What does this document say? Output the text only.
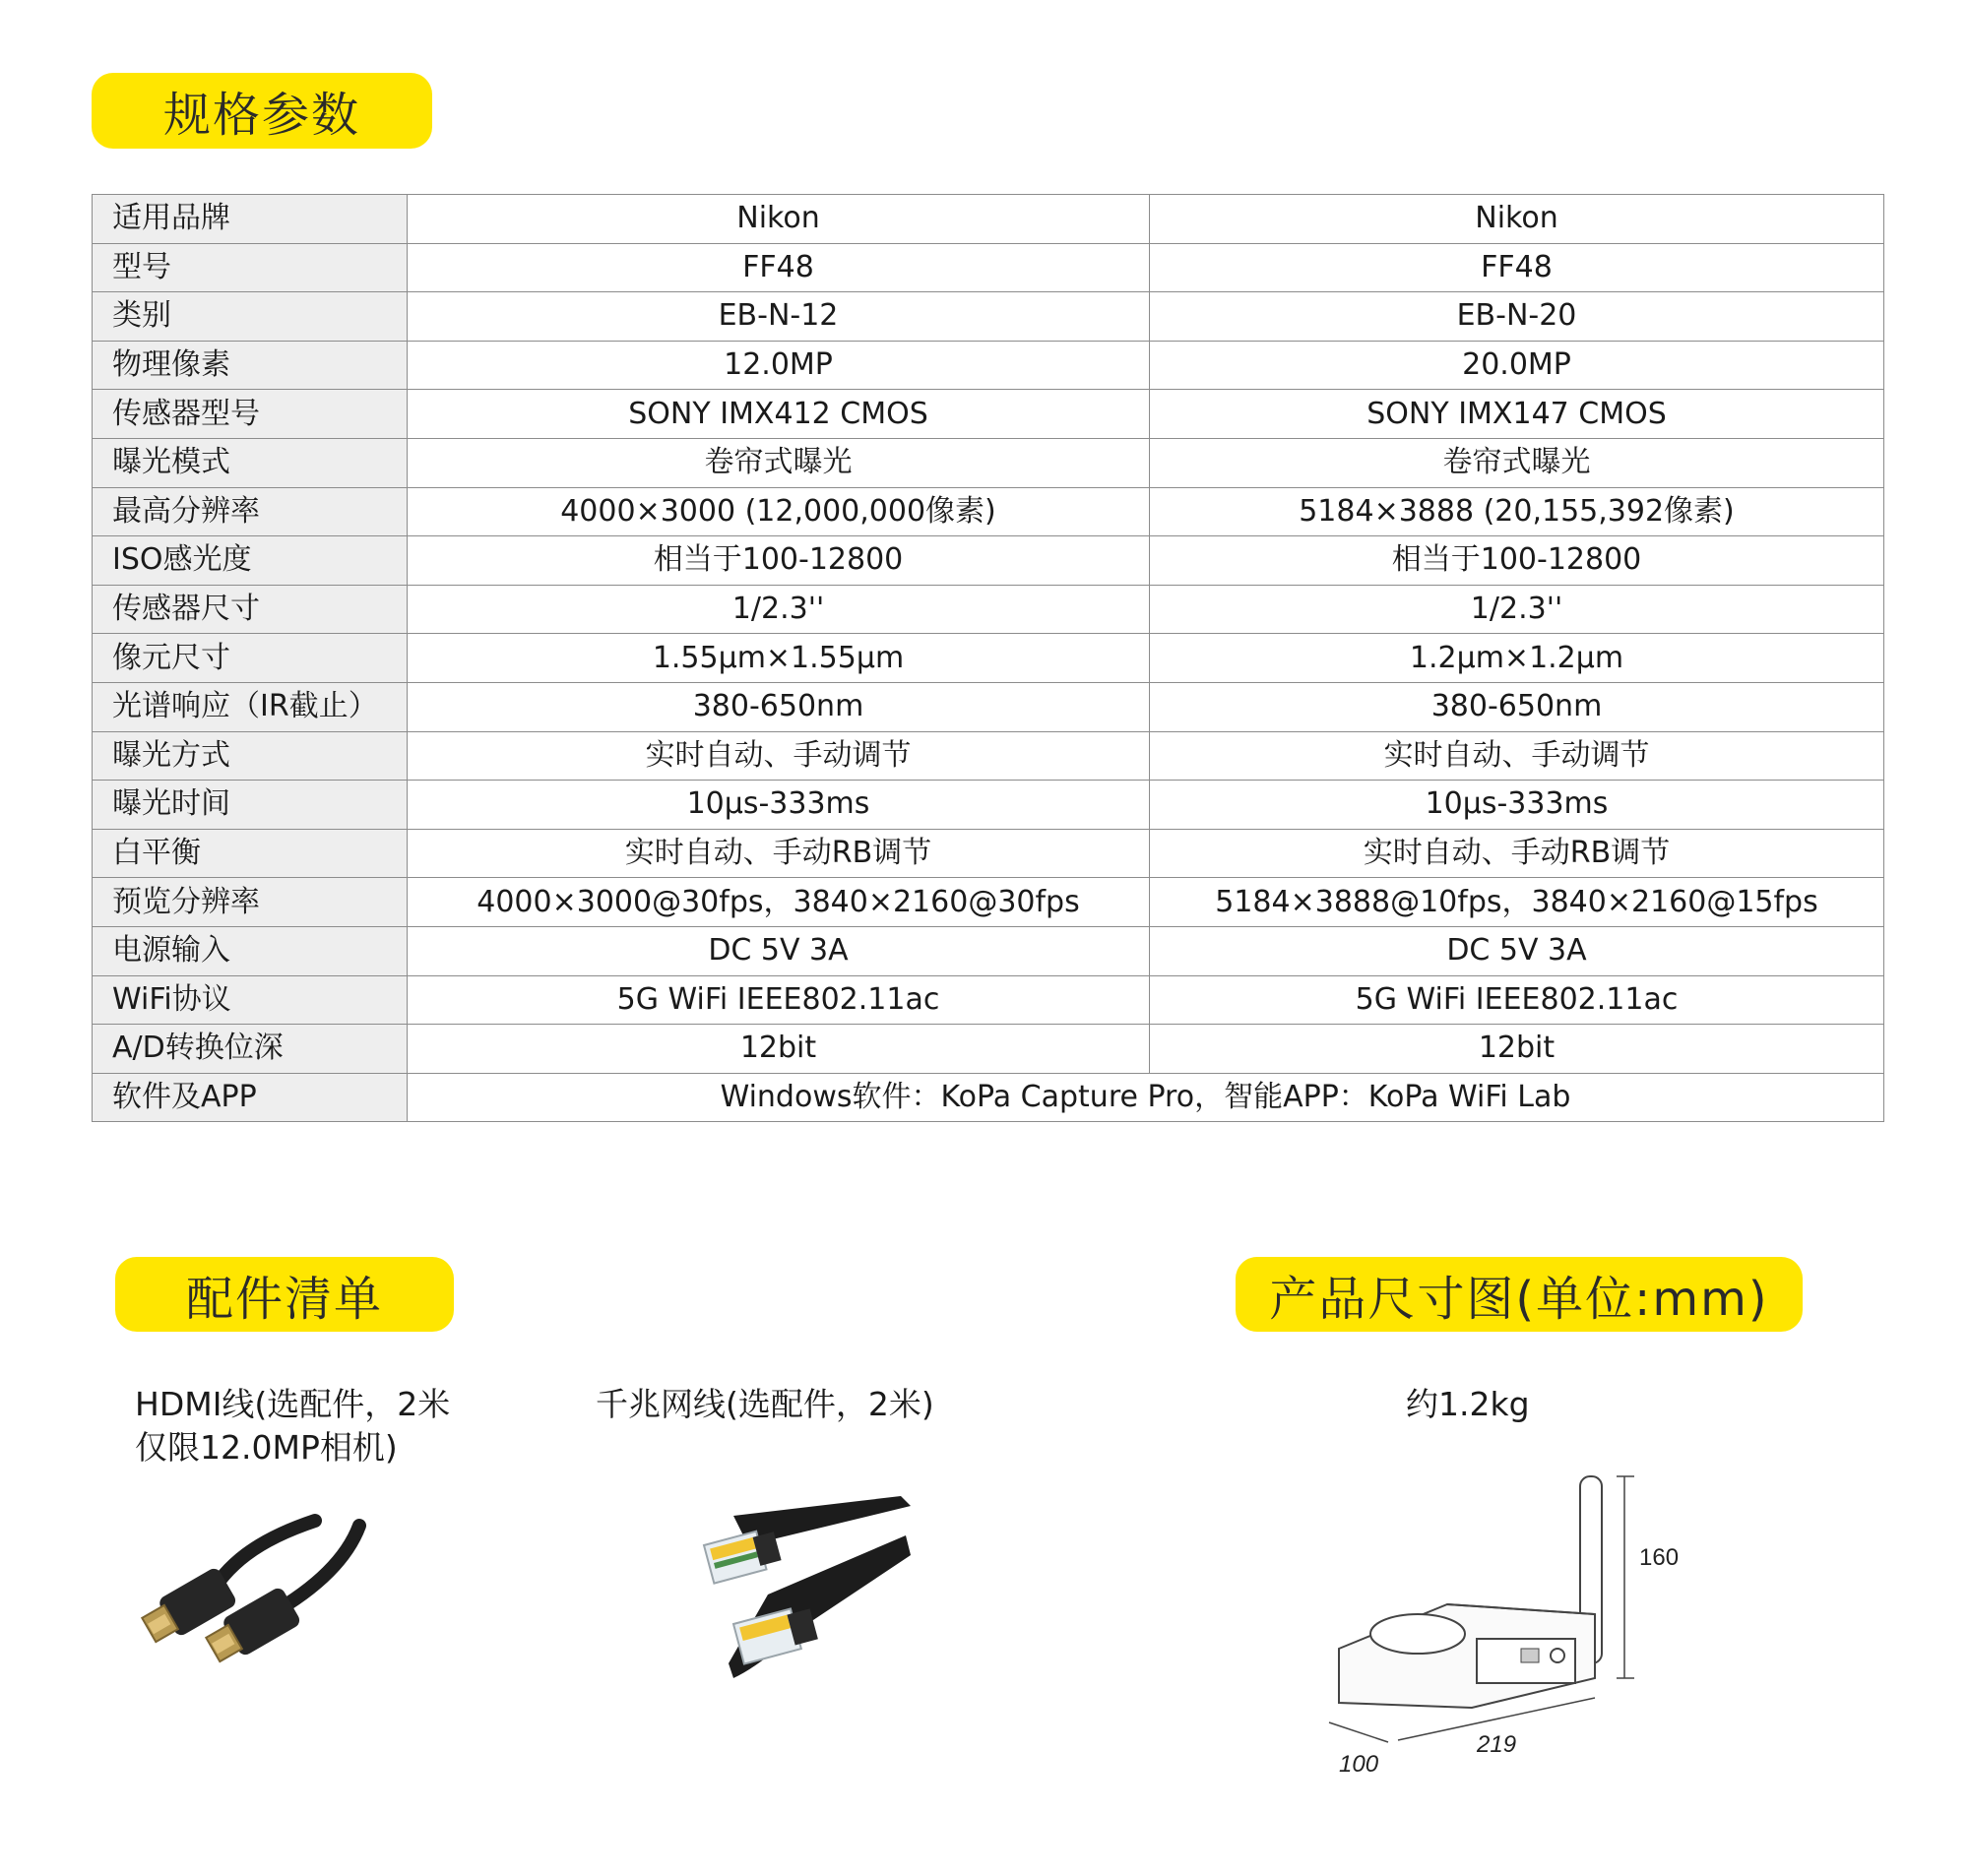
规格参数
适用品牌	Nikon	Nikon
型号	FF48	FF48
类别	EB-N-12	EB-N-20
物理像素	12.0MP	20.0MP
传感器型号	SONY IMX412 CMOS	SONY IMX147 CMOS
曝光模式	卷帘式曝光	卷帘式曝光
最高分辨率	4000×3000 (12,000,000像素)	5184×3888 (20,155,392像素)
ISO感光度	相当于100-12800	相当于100-12800
传感器尺寸	1/2.3''	1/2.3''
像元尺寸	1.55μm×1.55μm	1.2μm×1.2μm
光谱响应（IR截止）	380-650nm	380-650nm
曝光方式	实时自动、手动调节	实时自动、手动调节
曝光时间	10μs-333ms	10μs-333ms
白平衡	实时自动、手动RB调节	实时自动、手动RB调节
预览分辨率	4000×3000@30fps，3840×2160@30fps	5184×3888@10fps，3840×2160@15fps
电源输入	DC 5V 3A	DC 5V 3A
WiFi协议	5G WiFi IEEE802.11ac	5G WiFi IEEE802.11ac
A/D转换位深	12bit	12bit
软件及APP	Windows软件：KoPa Capture Pro，智能APP：KoPa WiFi Lab	
配件清单	产品尺寸图(单位:mm)
HDMI线(选配件，2米
仅限12.0MP相机)
千兆网线(选配件，2米)	约1.2kg
160
100
219
